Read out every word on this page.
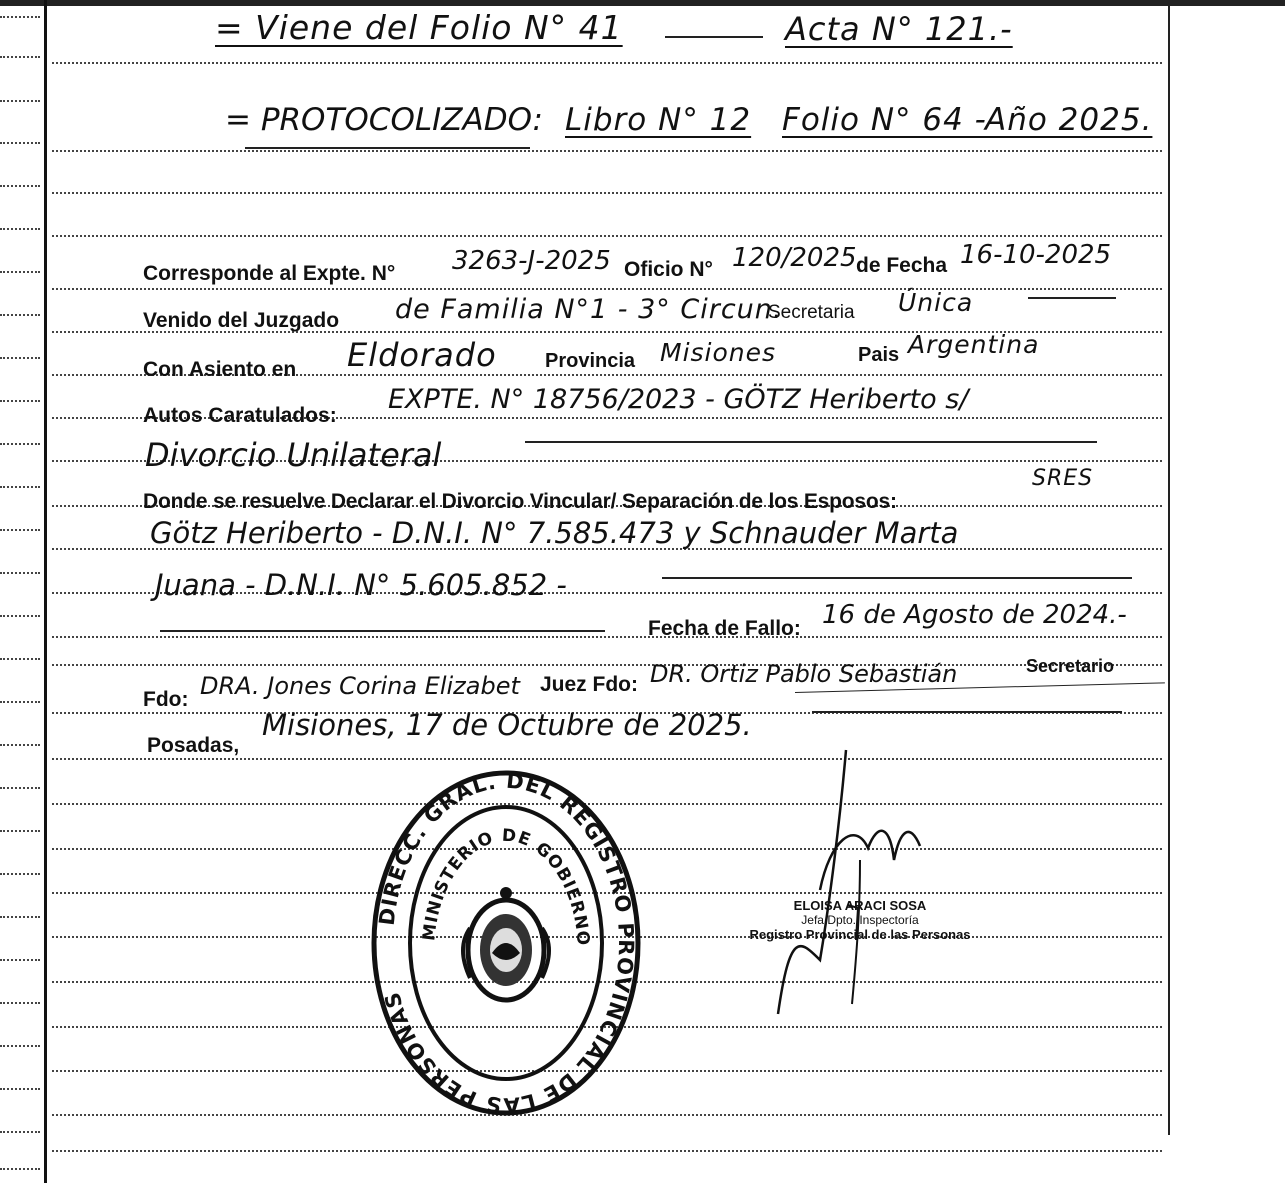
= Viene del Folio N° 41	Acta N° 121.-
= PROTOCOLIZADO: Libro N° 12 Folio N° 64 -
Año 2025.
Corresponde al Expte. N° 3263-J-2025 Oficio N° 120/2025 de Fecha 16-10-2025
Venido del Juzgado de Familia N°1 - 3° Circun.
Secretaria Única
Con Asiento en Eldorado Provincia Misiones	Pais Argentina
Autos Caratulados:
EXPTE. N° 18756/2023 - GÖTZ Heriberto s/
Divorcio Unilateral
Donde se resuelve Declarar el Divorcio Vincular/ Separación de los Esposos:
SRES
Götz Heriberto - D.N.I. N° 7.585.473 y Schnauder Marta
Juana - D.N.I. N° 5.605.852 -
Fecha de Fallo: 16 de Agosto de 2024.-
Fdo: DRA. Jones Corina Elizabet Juez Fdo: DR. Ortiz Pablo Sebastián	Secretario
Posadas,
Misiones, 17 de Octubre de 2025.
DIRECC. GRAL. DEL REGISTRO PROVINCIAL DE LAS PERSONAS
MINISTERIO DE GOBIERNO
ELOISA ARACI SOSA
Jefa Dpto. Inspectoría
Registro Provincial de las Personas
